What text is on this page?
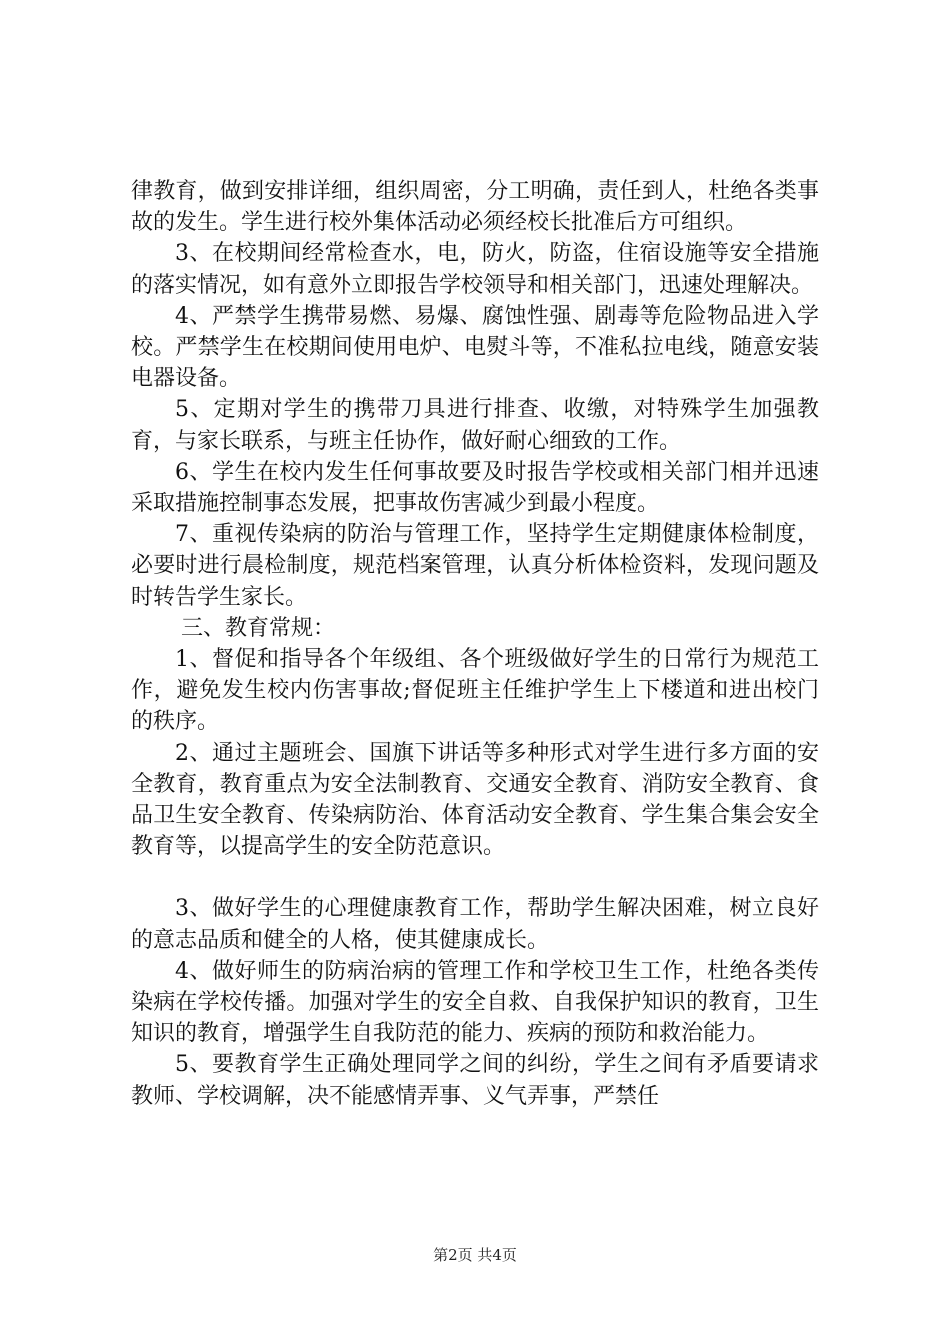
律教育，做到安排详细，组织周密，分工明确，责任到人，杜绝各类事故的发生。学生进行校外集体活动必须经校长批准后方可组织。

3、在校期间经常检查水，电，防火，防盗，住宿设施等安全措施的落实情况，如有意外立即报告学校领导和相关部门，迅速处理解决。

4、严禁学生携带易燃、易爆、腐蚀性强、剧毒等危险物品进入学校。严禁学生在校期间使用电炉、电熨斗等，不准私拉电线，随意安装电器设备。

5、定期对学生的携带刀具进行排查、收缴，对特殊学生加强教育，与家长联系，与班主任协作，做好耐心细致的工作。

6、学生在校内发生任何事故要及时报告学校或相关部门相并迅速采取措施控制事态发展，把事故伤害减少到最小程度。

7、重视传染病的防治与管理工作，坚持学生定期健康体检制度，必要时进行晨检制度，规范档案管理，认真分析体检资料，发现问题及时转告学生家长。

三、教育常规：

1、督促和指导各个年级组、各个班级做好学生的日常行为规范工作，避免发生校内伤害事故;督促班主任维护学生上下楼道和进出校门的秩序。

2、通过主题班会、国旗下讲话等多种形式对学生进行多方面的安全教育，教育重点为安全法制教育、交通安全教育、消防安全教育、食品卫生安全教育、传染病防治、体育活动安全教育、学生集合集会安全教育等，以提高学生的安全防范意识。

3、做好学生的心理健康教育工作，帮助学生解决困难，树立良好的意志品质和健全的人格，使其健康成长。

4、做好师生的防病治病的管理工作和学校卫生工作，杜绝各类传染病在学校传播。加强对学生的安全自救、自我保护知识的教育，卫生知识的教育，增强学生自我防范的能力、疾病的预防和救治能力。

5、要教育学生正确处理同学之间的纠纷，学生之间有矛盾要请求教师、学校调解，决不能感情弄事、义气弄事，严禁任

第2页 共4页
